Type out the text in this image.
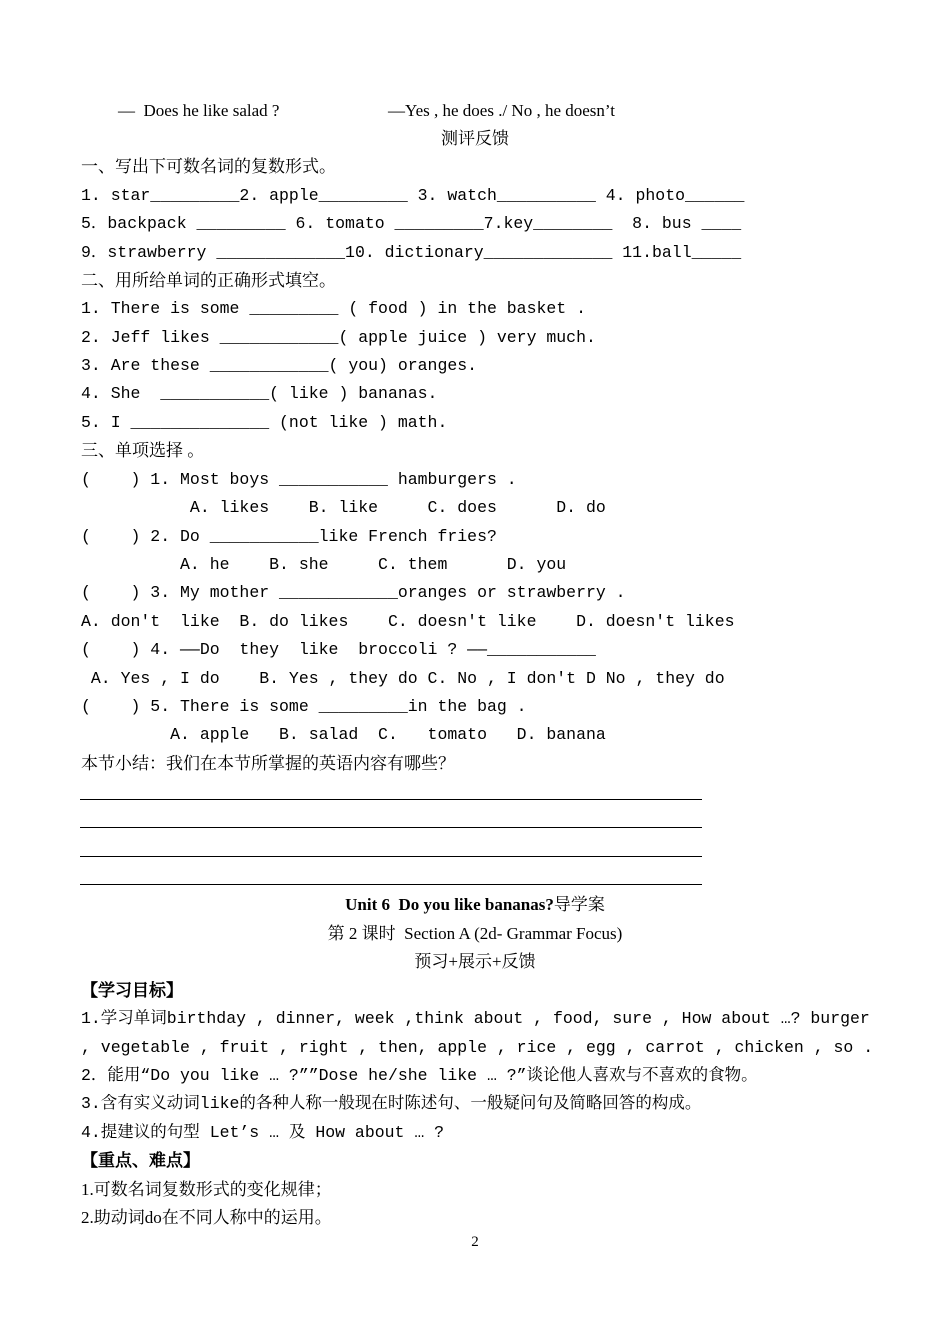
—  Does he like salad ?	—Yes , he does ./ No , he doesn’t
测评反馈
一、写出下可数名词的复数形式。
1. star_________2. apple_________ 3. watch__________ 4. photo______
5．backpack _________ 6. tomato _________7.key________  8. bus ____
9．strawberry _____________10. dictionary_____________ 11.ball_____
二、用所给单词的正确形式填空。
1. There is some _________ ( food ) in the basket .
2. Jeff likes ____________( apple juice ) very much.
3. Are these ____________( you) oranges.
4. She  ___________( like ) bananas.
5. I ______________ (not like ) math.
三、单项选择 。
(    ) 1. Most boys ___________ hamburgers .
A. likes    B. like     C. does      D. do
(    ) 2. Do ___________like French fries?
A. he    B. she     C. them      D. you
(    ) 3. My mother ____________oranges or strawberry .
A. don't  like  B. do likes    C. doesn't like    D. doesn't likes
(    ) 4. ——Do  they  like  broccoli ? ——___________
A. Yes , I do    B. Yes , they do C. No , I don't D No , they do
(    ) 5. There is some _________in the bag .
A. apple   B. salad  C.   tomato   D. banana
本节小结：我们在本节所掌握的英语内容有哪些？
Unit 6  Do you like bananas?导学案
第 2 课时  Section A (2d- Grammar Focus)
预习+展示+反馈
【学习目标】
1.学习单词birthday , dinner, week ,think about , food, sure , How about …? burger
, vegetable , fruit , right , then, apple , rice , egg , carrot , chicken , so .
2．能用“Do you like … ?””Dose he/she like … ?”谈论他人喜欢与不喜欢的食物。
3.含有实义动词like的各种人称一般现在时陈述句、一般疑问句及简略回答的构成。
4.提建议的句型 Let’s … 及 How about … ?
【重点、难点】
1.可数名词复数形式的变化规律；
2.助动词do在不同人称中的运用。
2
